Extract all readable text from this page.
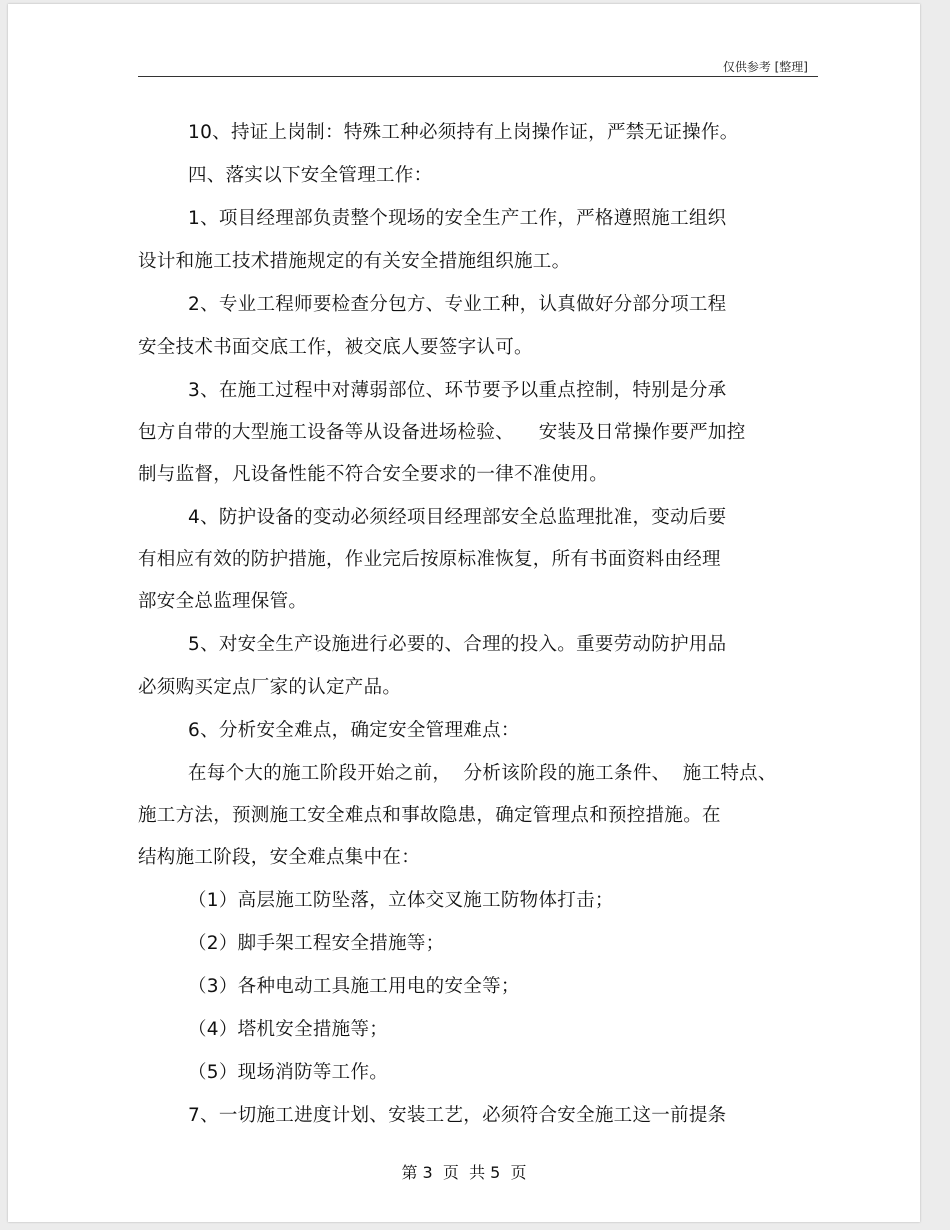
仅供参考 [整理]
10、持证上岗制：特殊工种必须持有上岗操作证，严禁无证操作。
四、落实以下安全管理工作：
1、项目经理部负责整个现场的安全生产工作，严格遵照施工组织
设计和施工技术措施规定的有关安全措施组织施工。
2、专业工程师要检查分包方、专业工种，认真做好分部分项工程
安全技术书面交底工作，被交底人要签字认可。
3、在施工过程中对薄弱部位、环节要予以重点控制，特别是分承
包方自带的大型施工设备等从设备进场检验、    安装及日常操作要严加控
制与监督，凡设备性能不符合安全要求的一律不准使用。
4、防护设备的变动必须经项目经理部安全总监理批准，变动后要
有相应有效的防护措施，作业完后按原标准恢复，所有书面资料由经理
部安全总监理保管。
5、对安全生产设施进行必要的、合理的投入。重要劳动防护用品
必须购买定点厂家的认定产品。
6、分析安全难点，确定安全管理难点：
在每个大的施工阶段开始之前，  分析该阶段的施工条件、  施工特点、
施工方法，预测施工安全难点和事故隐患，确定管理点和预控措施。在
结构施工阶段，安全难点集中在：
（1）高层施工防坠落，立体交叉施工防物体打击；
（2）脚手架工程安全措施等；
（3）各种电动工具施工用电的安全等；
（4）塔机安全措施等；
（5）现场消防等工作。
7、一切施工进度计划、安装工艺，必须符合安全施工这一前提条
第 3  页  共 5  页
